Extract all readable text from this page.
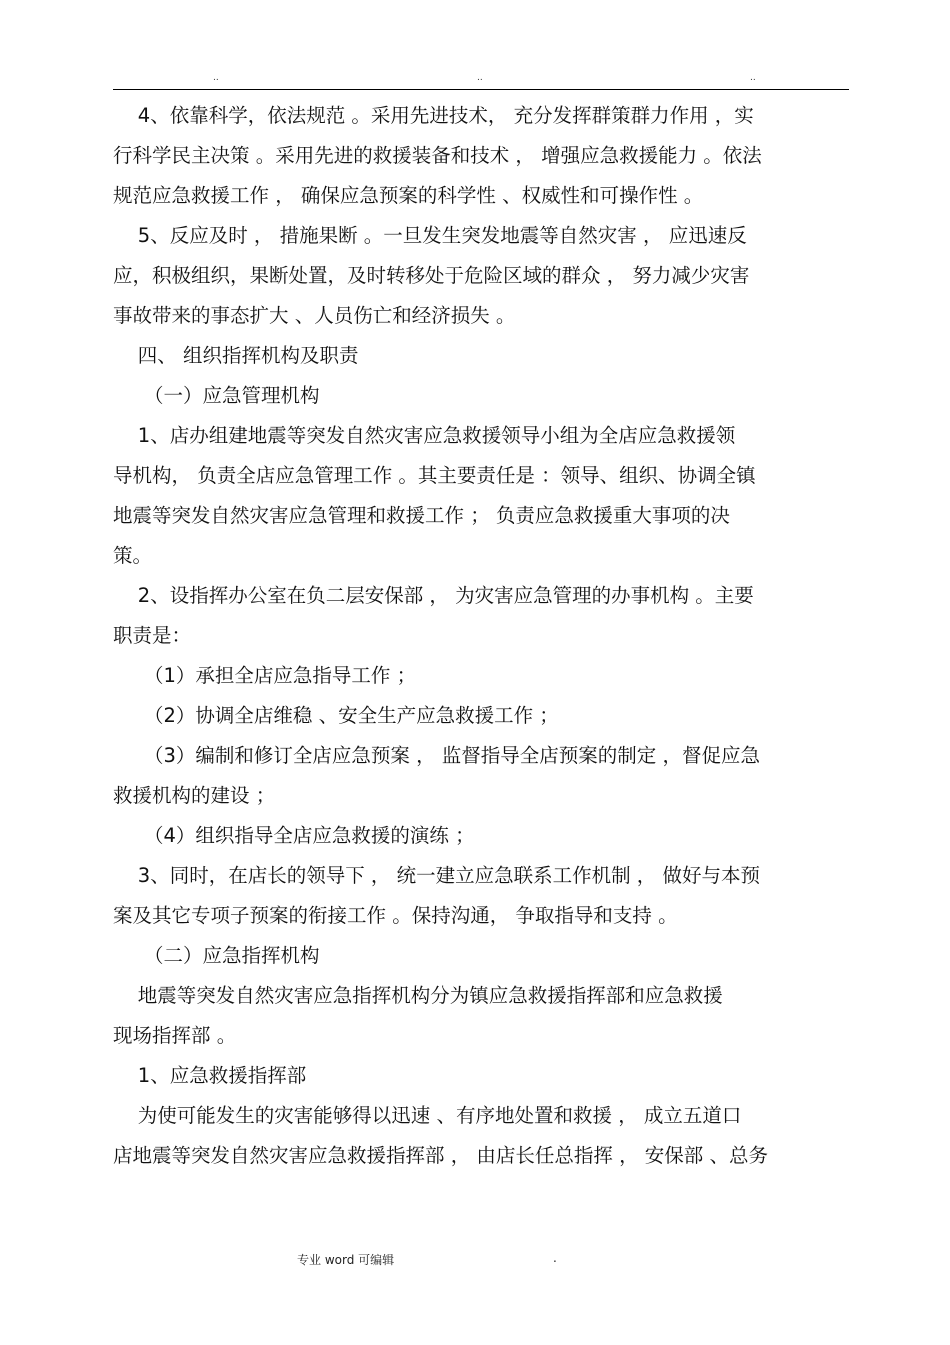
..	..	..
4、依靠科学，依法规范 。采用先进技术， 充分发挥群策群力作用 ，实
行科学民主决策 。采用先进的救援装备和技术 ， 增强应急救援能力 。依法
规范应急救援工作 ， 确保应急预案的科学性 、权威性和可操作性 。
5、反应及时 ， 措施果断 。一旦发生突发地震等自然灾害 ， 应迅速反
应，积极组织，果断处置，及时转移处于危险区域的群众 ， 努力减少灾害
事故带来的事态扩大 、人员伤亡和经济损失 。
四、 组织指挥机构及职责
（一）应急管理机构
1、店办组建地震等突发自然灾害应急救援领导小组为全店应急救援领
导机构， 负责全店应急管理工作 。其主要责任是 ：领导、组织、协调全镇
地震等突发自然灾害应急管理和救援工作 ； 负责应急救援重大事项的决
策。
2、设指挥办公室在负二层安保部 ， 为灾害应急管理的办事机构 。主要
职责是：
（1）承担全店应急指导工作 ；
（2）协调全店维稳 、安全生产应急救援工作 ；
（3）编制和修订全店应急预案 ， 监督指导全店预案的制定 ，督促应急
救援机构的建设 ；
（4）组织指导全店应急救援的演练 ；
3、同时，在店长的领导下 ， 统一建立应急联系工作机制 ， 做好与本预
案及其它专项子预案的衔接工作 。保持沟通， 争取指导和支持 。
（二）应急指挥机构
地震等突发自然灾害应急指挥机构分为镇应急救援指挥部和应急救援
现场指挥部 。
1、应急救援指挥部
为使可能发生的灾害能够得以迅速 、有序地处置和救援 ， 成立五道口
店地震等突发自然灾害应急救援指挥部 ， 由店长任总指挥 ， 安保部 、总务
专业 word 可编辑	.
